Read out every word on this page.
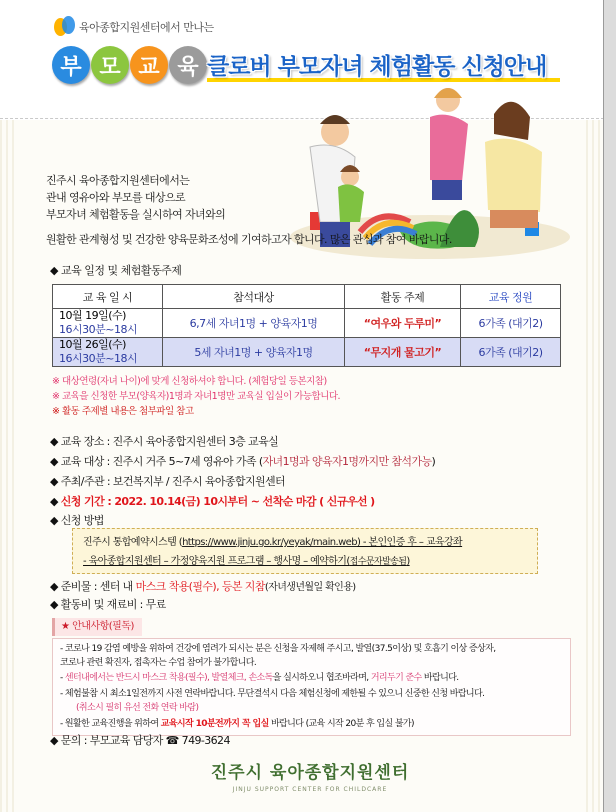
육아종합지원센터에서 만나는
부 모 교 육 클로버 부모자녀 체험활동 신청안내
진주시 육아종합지원센터에서는
관내 영유아와 부모를 대상으로
부모자녀 체험활동을 실시하여 자녀와의
원활한 관계형성 및 건강한 양육문화조성에 기여하고자 합니다. 많은 관심과 참여 바랍니다.
◆ 교육 일정 및 체험활동주제
교 육 일 시	참석대상	활동 주제	교육 정원

10월 19일(수)
16시30분~18시	6,7세 자녀1명 + 양육자1명	“여우와 두루미”	6가족 (대기2)

10월 26일(수)
16시30분~18시	5세 자녀1명 + 양육자1명	“무지개 물고기”	6가족 (대기2)
※ 대상연령(자녀 나이)에 맞게 신청하셔야 합니다. (체험당일 등본지참)
※ 교육을 신청한 부모(양육자)1명과 자녀1명만 교육실 입실이 가능합니다.
※ 활동 주제별 내용은 첨부파일 참고
◆ 교육 장소 : 진주시 육아종합지원센터 3층 교육실
◆ 교육 대상 : 진주시 거주 5~7세 영유아 가족 (자녀1명과 양육자1명까지만 참석가능)
◆ 주최/주관 : 보건복지부 / 진주시 육아종합지원센터
◆ 신청 기간 : 2022. 10.14(금) 10시부터 ~ 선착순 마감 ( 신규우선 )
◆ 신청 방법
진주시 통합예약시스템 (https://www.jinju.go.kr/yeyak/main.web) - 본인인증 후 – 교육강좌
- 육아종합지원센터 – 가정양육지원 프로그램 – 행사명 – 예약하기(접수문자발송됨)
◆ 준비물 : 센터 내 마스크 착용(필수), 등본 지참(자녀생년월일 확인용)
◆ 활동비 및 재료비 : 무료
★ 안내사항(필독)
- 코로나 19 감염 예방을 위하여 건강에 염려가 되시는 분은 신청을 자제해 주시고, 발열(37.5이상) 및 호흡기 이상 증상자,
코로나 관련 확진자, 접촉자는 수업 참여가 불가합니다.
- 센터내에서는 반드시 마스크 착용(필수), 발열체크, 손소독을 실시하오니 협조바라며, 거리두기 준수 바랍니다.
- 체험불참 시 최소1일전까지 사전 연락바랍니다. 무단결석시 다음 체험신청에 제한될 수 있으니 신중한 신청 바랍니다.
(취소시 필히 유선 전화 연락 바람)
- 원활한 교육진행을 위하여 교육시작 10분전까지 꼭 입실 바랍니다 (교육 시작 20분 후 입실 불가)
◆ 문의 : 부모교육 담당자 ☎ 749-3624
진주시 육아종합지원센터
JINJU SUPPORT CENTER FOR CHILDCARE
